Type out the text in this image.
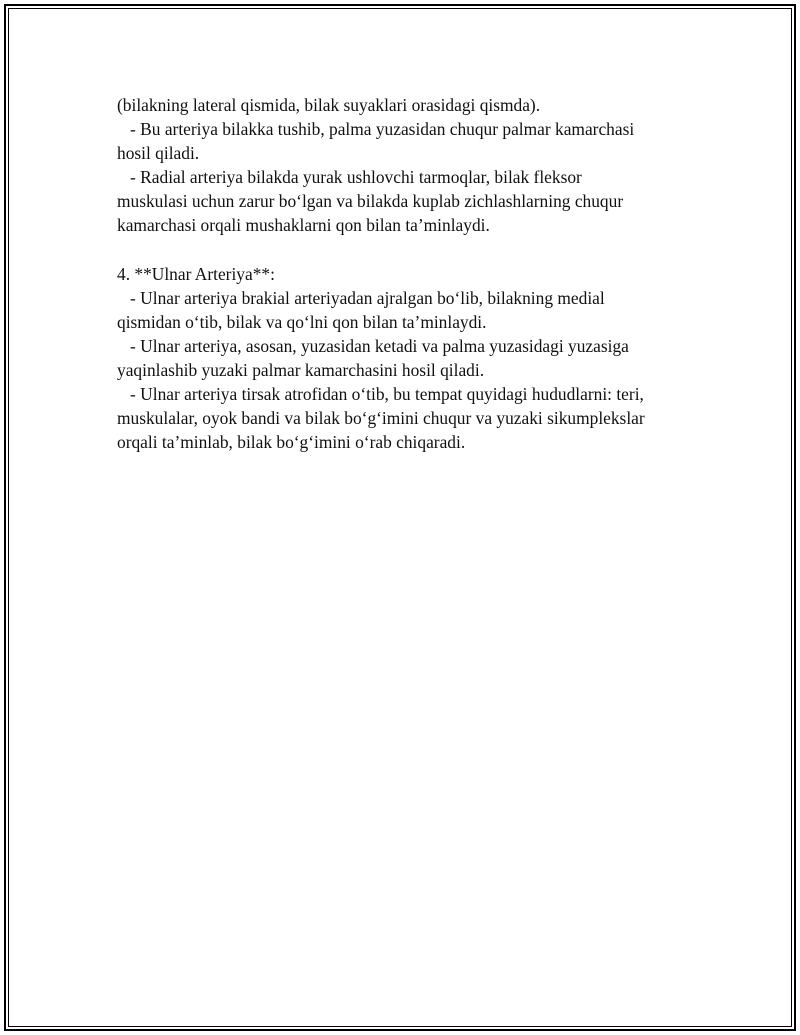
(bilakning lateral qismida, bilak suyaklari orasidagi qismda).
- Bu arteriya bilakka tushib, palma yuzasidan chuqur palmar kamarchasi
hosil qiladi.
- Radial arteriya bilakda yurak ushlovchi tarmoqlar, bilak fleksor
muskulasi uchun zarur bo‘lgan va bilakda kuplab zichlashlarning chuqur
kamarchasi orqali mushaklarni qon bilan ta’minlaydi.
4. **Ulnar Arteriya**:
- Ulnar arteriya brakial arteriyadan ajralgan bo‘lib, bilakning medial
qismidan o‘tib, bilak va qo‘lni qon bilan ta’minlaydi.
- Ulnar arteriya, asosan, yuzasidan ketadi va palma yuzasidagi yuzasiga
yaqinlashib yuzaki palmar kamarchasini hosil qiladi.
- Ulnar arteriya tirsak atrofidan o‘tib, bu tempat quyidagi hududlarni: teri,
muskulalar, oyok bandi va bilak bo‘g‘imini chuqur va yuzaki sikumplekslar
orqali ta’minlab, bilak bo‘g‘imini o‘rab chiqaradi.
